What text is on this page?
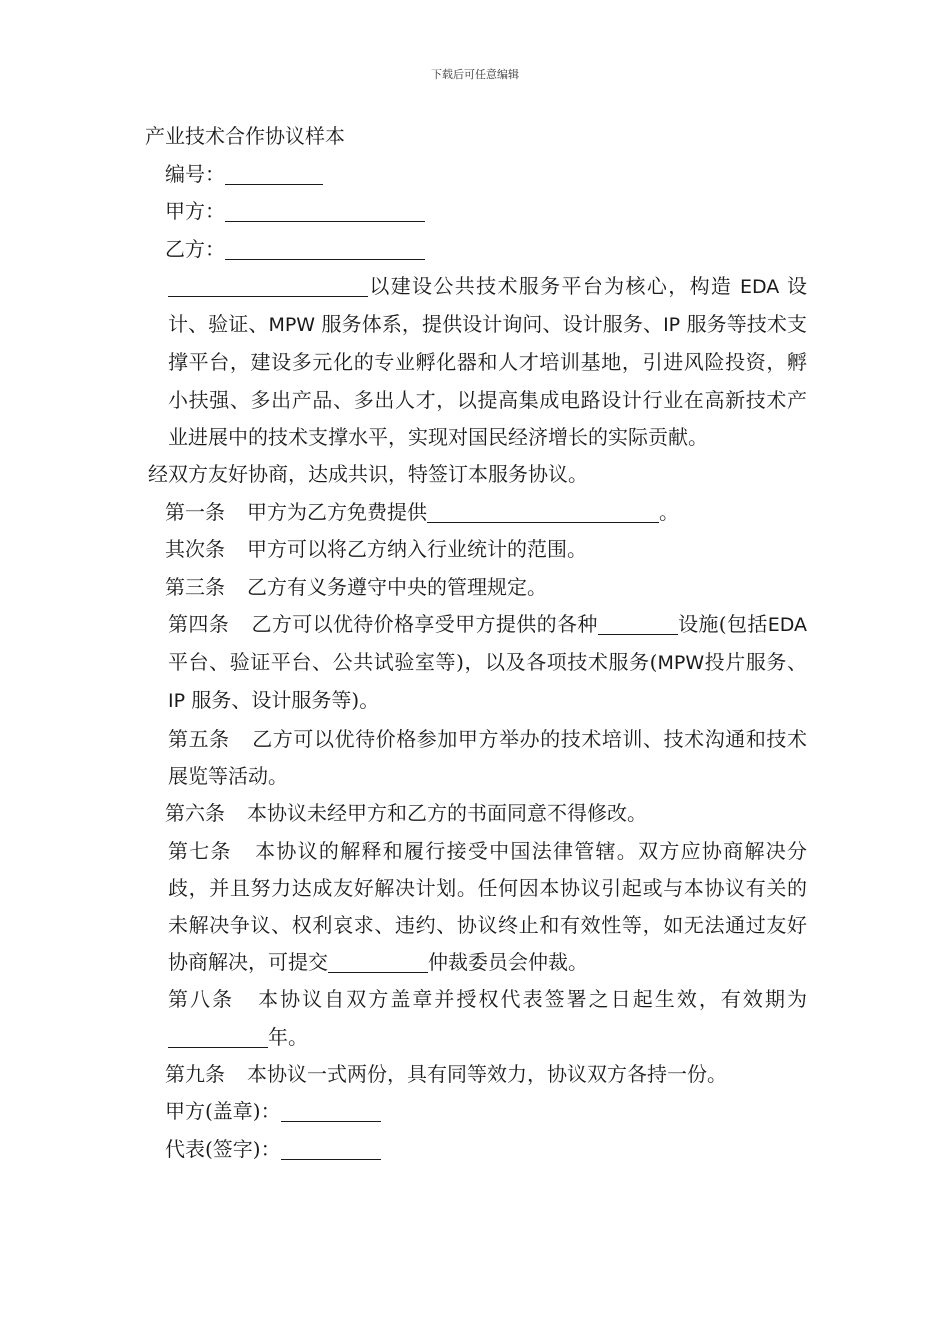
下载后可任意编辑
产业技术合作协议样本
编号：
甲方：
乙方：
以建设公共技术服务平台为核心，构造 EDA 设计、验证、MPW 服务体系，提供设计询问、设计服务、IP 服务等技术支撑平台，建设多元化的专业孵化器和人才培训基地，引进风险投资，孵小扶强、多出产品、多出人才，以提高集成电路设计行业在高新技术产业进展中的技术支撑水平，实现对国民经济增长的实际贡献。
经双方友好协商，达成共识，特签订本服务协议。
第一条 甲方为乙方免费提供	。
其次条 甲方可以将乙方纳入行业统计的范围。
第三条 乙方有义务遵守中央的管理规定。
第四条 乙方可以优待价格享受甲方提供的各种	设施(包括EDA 平台、验证平台、公共试验室等)，以及各项技术服务(MPW投片服务、IP 服务、设计服务等)。
第五条 乙方可以优待价格参加甲方举办的技术培训、技术沟通和技术展览等活动。
第六条 本协议未经甲方和乙方的书面同意不得修改。
第七条 本协议的解释和履行接受中国法律管辖。双方应协商解决分歧，并且努力达成友好解决计划。任何因本协议引起或与本协议有关的未解决争议、权利哀求、违约、协议终止和有效性等，如无法通过友好协商解决，可提交	仲裁委员会仲裁。
第八条 本协议自双方盖章并授权代表签署之日起生效，有效期为年。
第九条 本协议一式两份，具有同等效力，协议双方各持一份。
甲方(盖章)：
代表(签字)：
